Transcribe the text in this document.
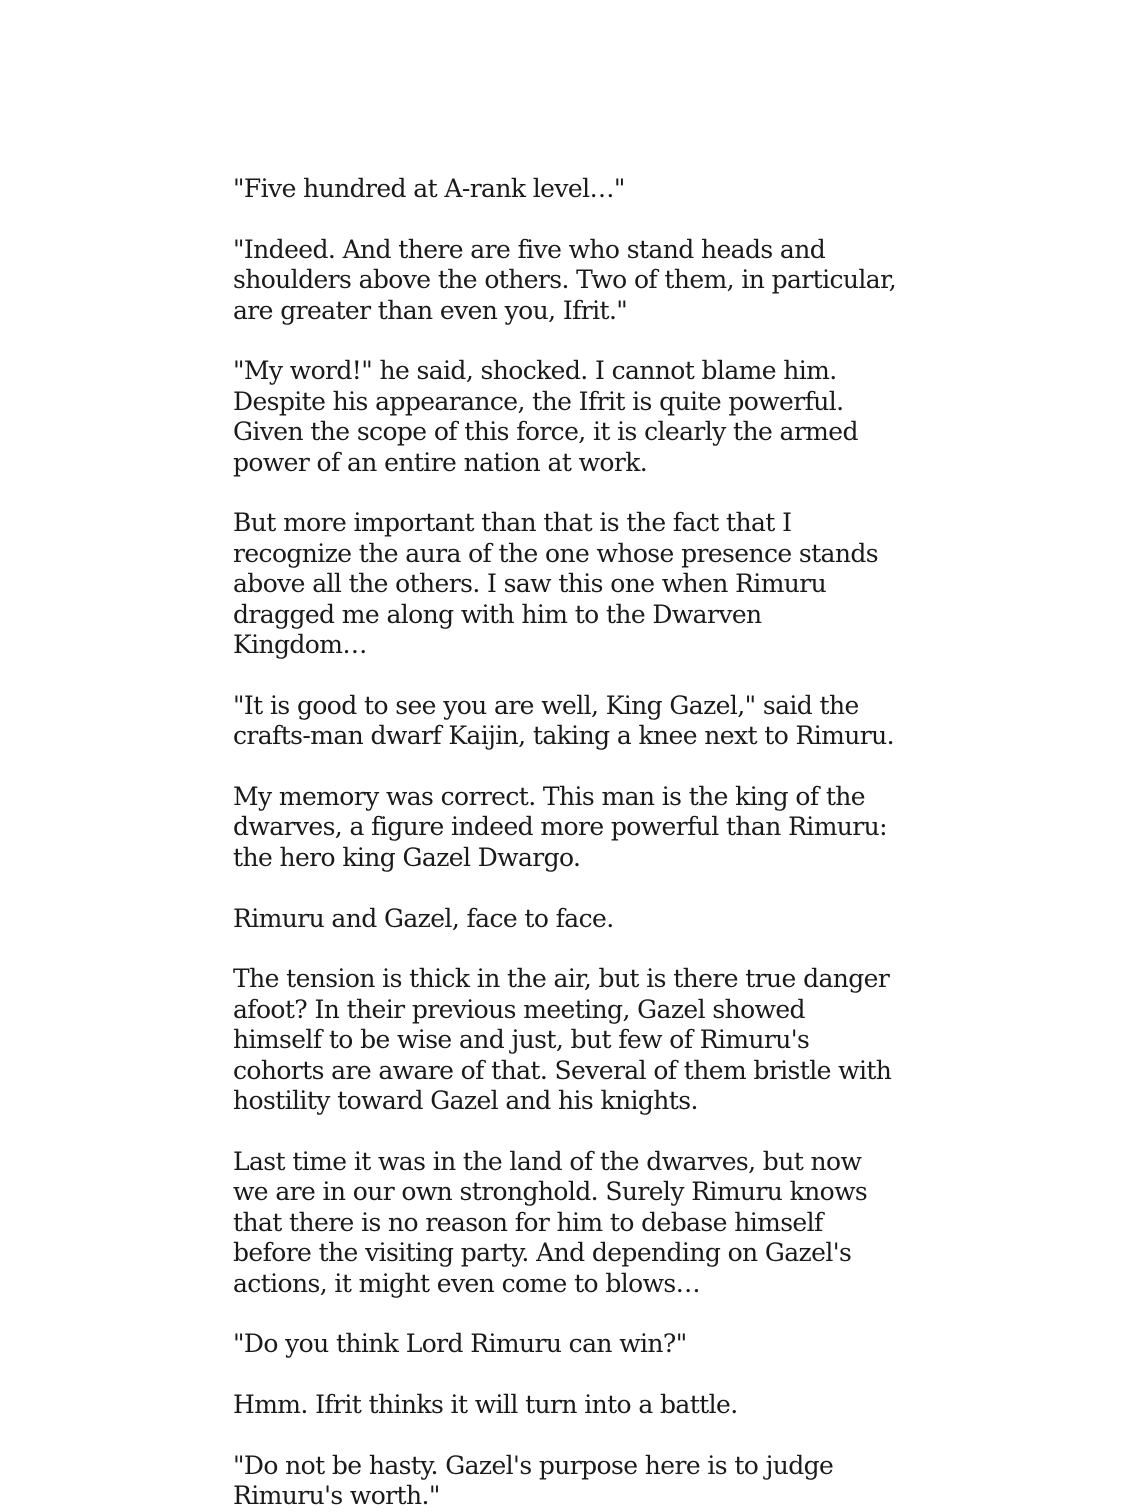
"Five hundred at A-rank level…"

"Indeed. And there are five who stand heads and shoulders above the others. Two of them, in particular, are greater than even you, Ifrit."

"My word!" he said, shocked. I cannot blame him. Despite his appearance, the Ifrit is quite powerful. Given the scope of this force, it is clearly the armed power of an entire nation at work.

But more important than that is the fact that I recognize the aura of the one whose presence stands above all the others. I saw this one when Rimuru dragged me along with him to the Dwarven Kingdom…

"It is good to see you are well, King Gazel," said the crafts-man dwarf Kaijin, taking a knee next to Rimuru.

My memory was correct. This man is the king of the dwarves, a figure indeed more powerful than Rimuru: the hero king Gazel Dwargo.

Rimuru and Gazel, face to face.

The tension is thick in the air, but is there true danger afoot? In their previous meeting, Gazel showed himself to be wise and just, but few of Rimuru's cohorts are aware of that. Several of them bristle with hostility toward Gazel and his knights.

Last time it was in the land of the dwarves, but now we are in our own stronghold. Surely Rimuru knows that there is no reason for him to debase himself before the visiting party. And depending on Gazel's actions, it might even come to blows…

"Do you think Lord Rimuru can win?"

Hmm. Ifrit thinks it will turn into a battle.

"Do not be hasty. Gazel's purpose here is to judge Rimuru's worth."
